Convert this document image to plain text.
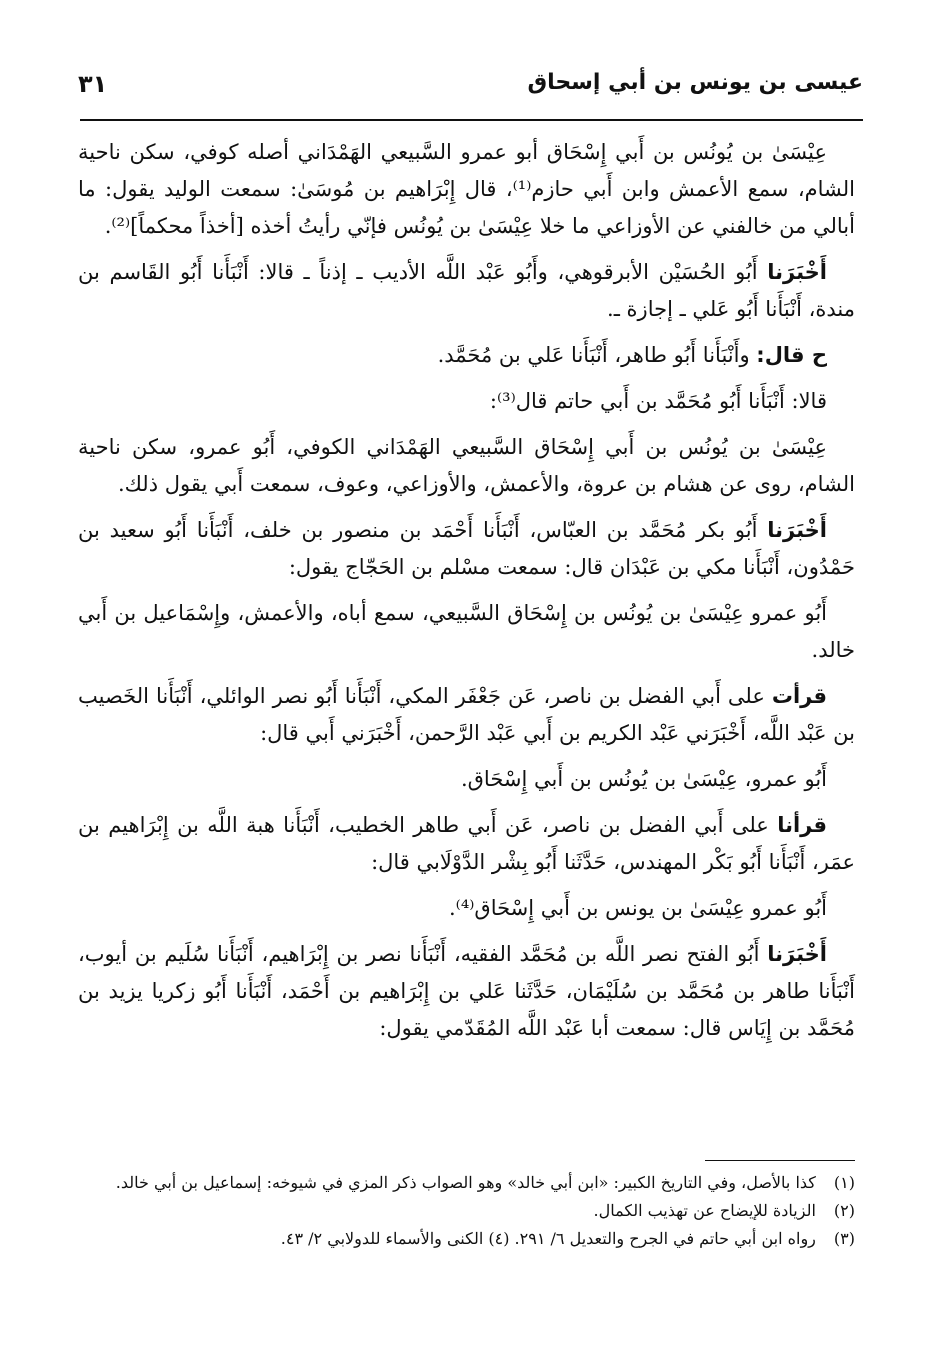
عيسى بن يونس بن أبي إسحاق
٣١

عِيْسَىٰ بن يُونُس بن أَبي إِسْحَاق أبو عمرو السَّبيعي الهَمْدَاني أصله كوفي، سكن ناحية الشام، سمع الأعمش وابن أَبي حازم⁽¹⁾، قال إِبْرَاهيم بن مُوسَىٰ: سمعت الوليد يقول: ما أبالي من خالفني عن الأوزاعي ما خلا عِيْسَىٰ بن يُونُس فإنّي رأيتُ أخذه [أخذاً محكماً]⁽²⁾.

أَخْبَرَنا أَبُو الحُسَيْن الأبرقوهي، وأَبُو عَبْد اللَّه الأديب ـ إذناً ـ قالا: أَنْبَأَنا أَبُو القَاسم بن مندة، أَنْبَأَنا أَبُو عَلي ـ إجازة ـ.

ح قال: وأَنْبَأَنا أَبُو طاهر، أَنْبَأَنا عَلي بن مُحَمَّد.

قالا: أَنْبَأَنا أَبُو مُحَمَّد بن أَبي حاتم قال⁽³⁾:

عِيْسَىٰ بن يُونُس بن أَبي إِسْحَاق السَّبيعي الهَمْدَاني الكوفي، أَبُو عمرو، سكن ناحية الشام، روى عن هشام بن عروة، والأعمش، والأوزاعي، وعوف، سمعت أَبي يقول ذلك.

أَخْبَرَنا أَبُو بكر مُحَمَّد بن العبّاس، أَنْبَأَنا أَحْمَد بن منصور بن خلف، أَنْبَأَنا أَبُو سعيد بن حَمْدُون، أَنْبَأَنا مكي بن عَبْدَان قال: سمعت مسْلم بن الحَجّاج يقول:

أَبُو عمرو عِيْسَىٰ بن يُونُس بن إِسْحَاق السَّبيعي، سمع أباه، والأعمش، وإِسْمَاعيل بن أَبي خالد.

قرأت على أَبي الفضل بن ناصر، عَن جَعْفَر المكي، أَنْبَأَنا أَبُو نصر الوائلي، أَنْبَأَنا الخَصيب بن عَبْد اللَّه، أَخْبَرَني عَبْد الكريم بن أَبي عَبْد الرَّحمن، أَخْبَرَني أَبي قال:

أَبُو عمرو، عِيْسَىٰ بن يُونُس بن أَبي إِسْحَاق.

قرأنا على أَبي الفضل بن ناصر، عَن أَبي طاهر الخطيب، أَنْبَأَنا هبة اللَّه بن إِبْرَاهيم بن عمَر، أَنْبَأَنا أَبُو بَكْر المهندس، حَدَّثَنا أَبُو بِشْر الدَّوْلَابي قال:

أَبُو عمرو عِيْسَىٰ بن يونس بن أَبي إِسْحَاق⁽⁴⁾.

أَخْبَرَنا أَبُو الفتح نصر اللَّه بن مُحَمَّد الفقيه، أَنْبَأَنا نصر بن إِبْرَاهيم، أَنْبَأَنا سُلَيم بن أيوب، أَنْبَأَنا طاهر بن مُحَمَّد بن سُلَيْمَان، حَدَّثَنا عَلي بن إِبْرَاهيم بن أَحْمَد، أَنْبَأَنا أَبُو زكريا يزيد بن مُحَمَّد بن إِيَاس قال: سمعت أبا عَبْد اللَّه المُقَدّمي يقول:

(١) كذا بالأصل، وفي التاريخ الكبير: «ابن أبي خالد» وهو الصواب ذكر المزي في شيوخه: إسماعيل بن أبي خالد.

(٢) الزيادة للإيضاح عن تهذيب الكمال.

(٣) رواه ابن أبي حاتم في الجرح والتعديل ٦/ ٢٩١. (٤) الكنى والأسماء للدولابي ٢/ ٤٣.
